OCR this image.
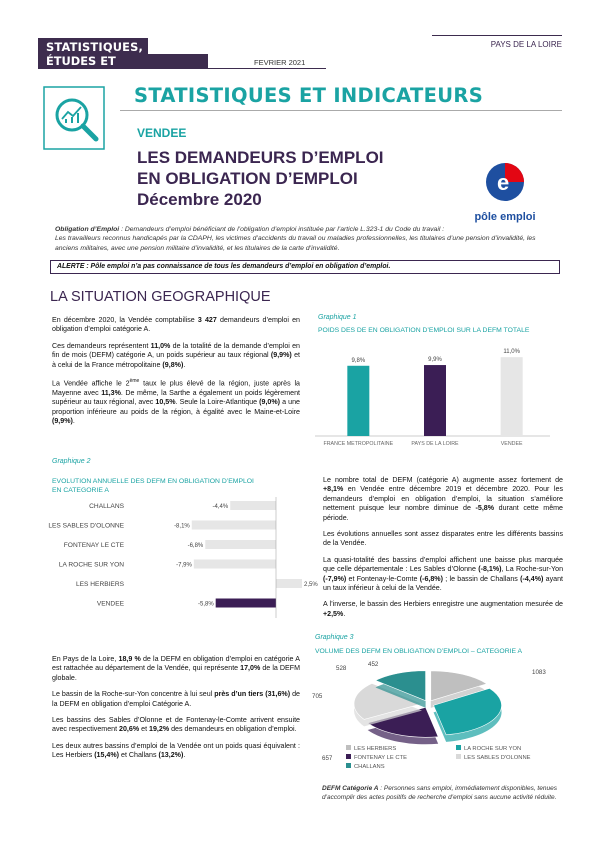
STATISTIQUES,
ÉTUDES ET ÉVALUATIONS
FEVRIER 2021
PAYS DE LA LOIRE
STATISTIQUES ET INDICATEURS
VENDEE
LES DEMANDEURS D’EMPLOI
EN OBLIGATION D’EMPLOI
Décembre 2020
e
pôle emploi
Obligation d’Emploi : Demandeurs d’emploi bénéficiant de l’obligation d’emploi instituée par l’article L.323-1 du Code du travail :
Les travailleurs reconnus handicapés par la CDAPH, les victimes d’accidents du travail ou maladies professionnelles, les titulaires d’une pension d’invalidité, les anciens militaires, avec une pension militaire d’invalidité, et les titulaires de la carte d’invalidité.
ALERTE : Pôle emploi n’a pas connaissance de tous les demandeurs d’emploi en obligation d’emploi.
LA SITUATION GEOGRAPHIQUE

En décembre 2020, la Vendée comptabilise 3 427 demandeurs d’emploi en obligation d’emploi catégorie A.

Ces demandeurs représentent 11,0% de la totalité de la demande d’emploi en fin de mois (DEFM) catégorie A, un poids supérieur au taux régional (9,9%) et à celui de la France métropolitaine (9,8%).

La Vendée affiche le 2ème taux le plus élevé de la région, juste après la Mayenne avec 11,3%. De même, la Sarthe a également un poids légèrement supérieur au taux régional, avec 10,5%. Seule la Loire-Atlantique (9,0%) a une proportion inférieure au poids de la région, à égalité avec le Maine-et-Loire (9,9%).

Graphique 1
POIDS DES DE EN OBLIGATION D’EMPLOI SUR LA DEFM TOTALE
9,8%
FRANCE METROPOLITAINE
9,9%
PAYS DE LA LOIRE
11,0%
VENDEE
Graphique 2
EVOLUTION ANNUELLE DES DEFM EN OBLIGATION D’EMPLOI
EN CATEGORIE A
CHALLANS	-4,4%
LES SABLES D'OLONNE	-8,1%
FONTENAY LE CTE	-6,8%
LA ROCHE SUR YON	-7,9%
LES HERBIERS	2,5%
VENDEE	-5,8%

Le nombre total de DEFM (catégorie A) augmente assez fortement de +8,1% en Vendée entre décembre 2019 et décembre 2020. Pour les demandeurs d’emploi en obligation d’emploi, la situation s’améliore nettement puisque leur nombre diminue de -5,8% durant cette même période.

Les évolutions annuelles sont assez disparates entre les différents bassins de la Vendée.

La quasi-totalité des bassins d’emploi affichent une baisse plus marquée que celle départementale : Les Sables d’Olonne (-8,1%), La Roche-sur-Yon (-7,9%) et Fontenay-le-Comte (-6,8%) ; le bassin de Challans (-4,4%) ayant un taux inférieur à celui de la Vendée.

A l’inverse, le bassin des Herbiers enregistre une augmentation mesurée de +2,5%.

En Pays de la Loire, 18,9 % de la DEFM en obligation d’emploi en catégorie A est rattachée au département de la Vendée, qui représente 17,0% de la DEFM globale.

Le bassin de la Roche-sur-Yon concentre à lui seul près d’un tiers (31,6%) de la DEFM en obligation d’emploi Catégorie A.

Les bassins des Sables d’Olonne et de Fontenay-le-Comte arrivent ensuite avec respectivement 20,6% et 19,2% des demandeurs en obligation d’emploi.

Les deux autres bassins d’emploi de la Vendée ont un poids quasi équivalent : Les Herbiers (15,4%) et Challans (13,2%).

Graphique 3
VOLUME DES DEFM EN OBLIGATION D’EMPLOI – CATEGORIE A
528
1083
657
705
452
LES HERBIERS	LA ROCHE SUR YON
FONTENAY LE CTE	LES SABLES D'OLONNE
CHALLANS
DEFM Catégorie A : Personnes sans emploi, immédiatement disponibles, tenues d’accomplir des actes positifs de recherche d’emploi sans aucune activité réduite.
